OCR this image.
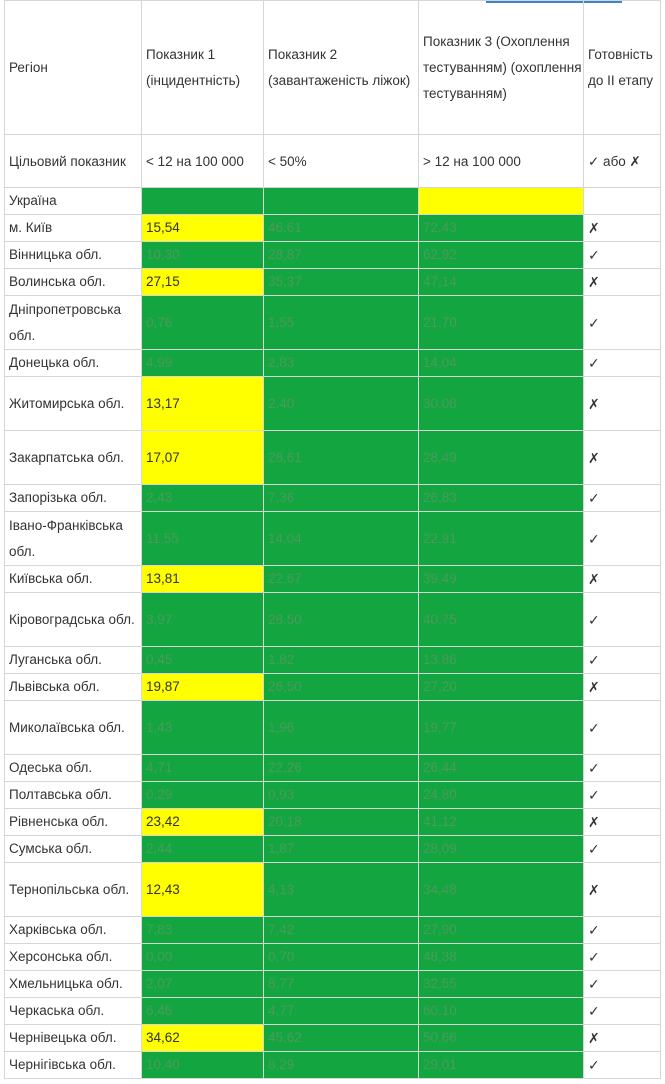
Регіон	Показник 1 (інцидентність)	Показник 2 (завантаженість ліжок)	Показник 3 (Охоплення тестуванням) (охоплення тестуванням)	Готовність до ІІ етапу
Цільовий показник	< 12 на 100 000	< 50%	> 12 на 100 000	✓ або ✗
Україна				
м. Київ	15,54	46,61	72,43	✗
Вінницька обл.	10,30	28,87	62,92	✓
Волинська обл.	27,15	35,37	47,14	✗
Дніпропетровська обл.	0,76	1,55	21,70	✓
Донецька обл.	4,99	2,83	14,04	✓
Житомирська обл.	13,17	2,40	30,08	✗
Закарпатська обл.	17,07	28,61	28,49	✗
Запорізька обл.	2,43	7,36	26,83	✓
Івано-Франківська обл.	11,55	14,04	22,91	✓
Київська обл.	13,81	22,67	39,49	✗
Кіровоградська обл.	3,97	28,50	40,75	✓
Луганська обл.	0,45	1,82	13,86	✓
Львівська обл.	19,87	26,50	27,20	✗
Миколаївська обл.	1,43	1,96	19,77	✓
Одеська обл.	4,71	22,26	26,44	✓
Полтавська обл.	0,29	0,93	24,80	✓
Рівненська обл.	23,42	20,18	41,12	✗
Сумська обл.	2,44	1,87	28,09	✓
Тернопільська обл.	12,43	4,13	34,48	✗
Харківська обл.	7,83	7,42	27,90	✓
Херсонська обл.	0,00	0,70	48,38	✓
Хмельницька обл.	2,07	8,77	32,55	✓
Черкаська обл.	6,46	4,77	60,10	✓
Чернівецька обл.	34,62	45,62	50,66	✗
Чернігівська обл.	10,40	8,29	29,01	✓
